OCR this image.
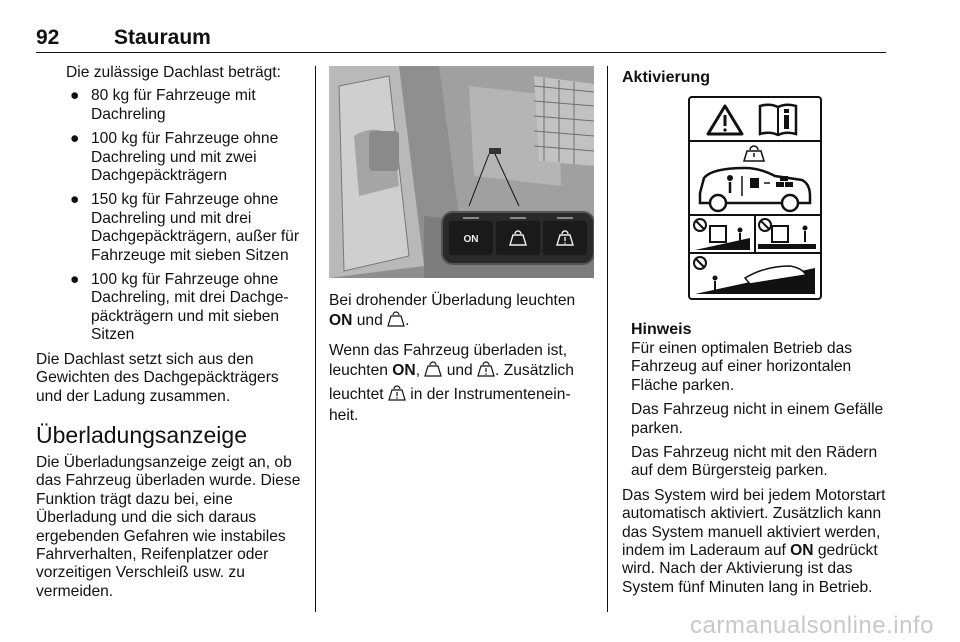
92	Stauraum

Die zulässige Dachlast beträgt:

● 80 kg für Fahrzeuge mit Dachreling
● 100 kg für Fahrzeuge ohne Dachreling und mit zwei Dachgepäckträgern
● 150 kg für Fahrzeuge ohne Dachreling und mit drei Dachgepäckträgern, außer für Fahrzeuge mit sieben Sitzen
● 100 kg für Fahrzeuge ohne Dachreling, mit drei Dachgepäckträgern und mit sieben Sitzen

Die Dachlast setzt sich aus den Gewichten des Dachgepäckträgers und der Ladung zusammen.

Überladungsanzeige

Die Überladungsanzeige zeigt an, ob das Fahrzeug überladen wurde. Diese Funktion trägt dazu bei, eine Überladung und die sich daraus ergebenden Gefahren wie instabiles Fahrverhalten, Reifenplatzer oder vorzeitigen Verschleiß usw. zu vermeiden.

ON

Bei drohender Überladung leuchten ON und .

Wenn das Fahrzeug überladen ist, leuchten ON,  und . Zusätzlich leuchtet  in der Instrumenteneinheit.

Aktivierung
Hinweis

Für einen optimalen Betrieb das Fahrzeug auf einer horizontalen Fläche parken.

Das Fahrzeug nicht in einem Gefälle parken.

Das Fahrzeug nicht mit den Rädern auf dem Bürgersteig parken.

Das System wird bei jedem Motorstart automatisch aktiviert. Zusätzlich kann das System manuell aktiviert werden, indem im Laderaum auf ON gedrückt wird. Nach der Aktivierung ist das System fünf Minuten lang in Betrieb.

carmanualsonline.info
